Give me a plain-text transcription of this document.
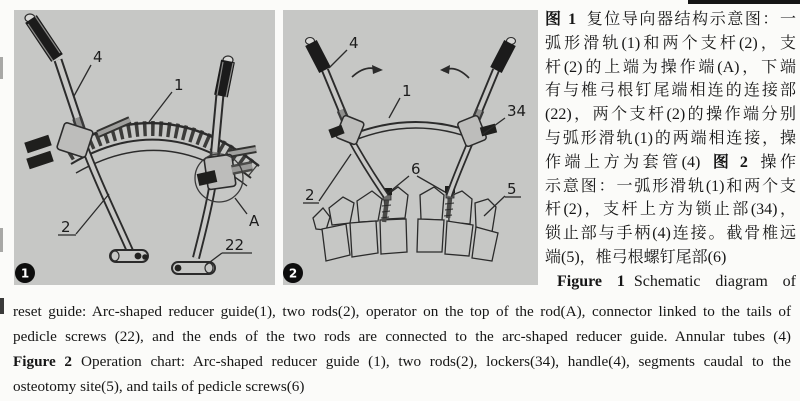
4
1
2	A
22
1
4
1
34
2
6
5
2
图 1 复位导向器结构示意图：一
弧形滑轨(1)和两个支杆(2)，支
杆(2)的上端为操作端(A)，下端
有与椎弓根钉尾端相连的连接部
(22)，两个支杆(2)的操作端分别
与弧形滑轨(1)的两端相连接，操
作端上方为套管(4) 图 2 操作
示意图：一弧形滑轨(1)和两个支
杆(2)，支杆上方为锁止部(34)，
锁止部与手柄(4)连接。截骨椎远
端(5)，椎弓根螺钉尾部(6)
Figure 1 Schematic diagram of
reset guide: Arc-shaped reducer guide(1), two rods(2), operator on the top of the rod(A), connector linked to the tails of
pedicle screws (22), and the ends of the two rods are connected to the arc-shaped reducer guide. Annular tubes (4)
Figure 2 Operation chart: Arc-shaped reducer guide (1), two rods(2), lockers(34), handle(4), segments caudal to the
osteotomy site(5), and tails of pedicle screws(6)
